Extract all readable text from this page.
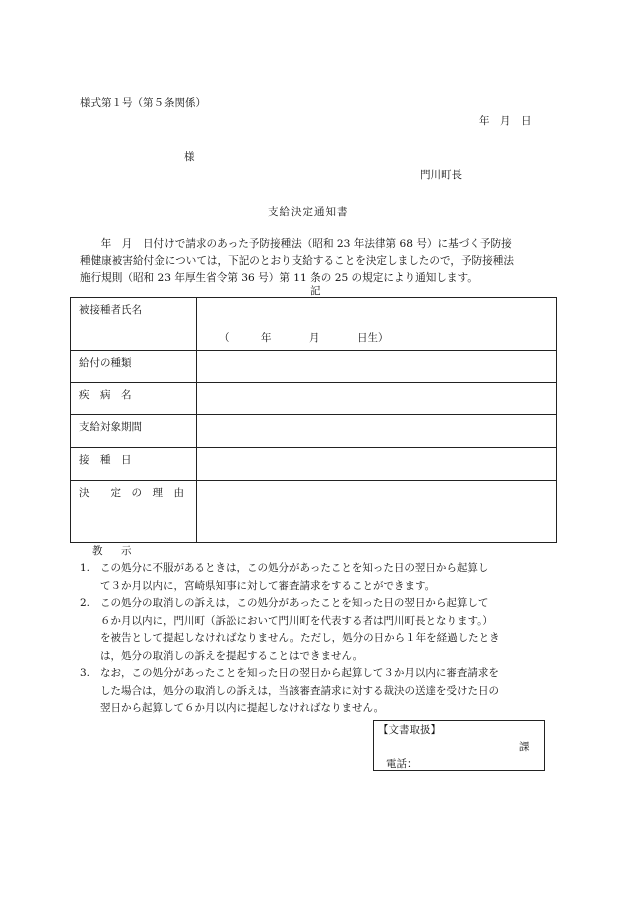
様式第１号（第５条関係）
年　月　日
様
門川町長
支給決定通知書
　年　月　日付けで請求のあった予防接種法（昭和 23 年法律第 68 号）に基づく予防接
種健康被害給付金については，下記のとおり支給することを決定しましたので，予防接種法
施行規則（昭和 23 年厚生省令第 36 号）第 11 条の 25 の規定により通知します。
記
被接種者氏名	（ 年 月 日生）

給付の種類	
疾　病　名	
支給対象期間	
接　種　日	
決　　定　の　理　由	
教　示
1. この処分に不服があるときは，この処分があったことを知った日の翌日から起算し
て３か月以内に，宮崎県知事に対して審査請求をすることができます。
2. この処分の取消しの訴えは，この処分があったことを知った日の翌日から起算して
６か月以内に，門川町（訴訟において門川町を代表する者は門川町長となります。）
を被告として提起しなければなりません。ただし，処分の日から１年を経過したとき
は，処分の取消しの訴えを提起することはできません。
3. なお，この処分があったことを知った日の翌日から起算して３か月以内に審査請求を
した場合は，処分の取消しの訴えは，当該審査請求に対する裁決の送達を受けた日の
翌日から起算して６か月以内に提起しなければなりません。
【文書取扱】
課
電話：
